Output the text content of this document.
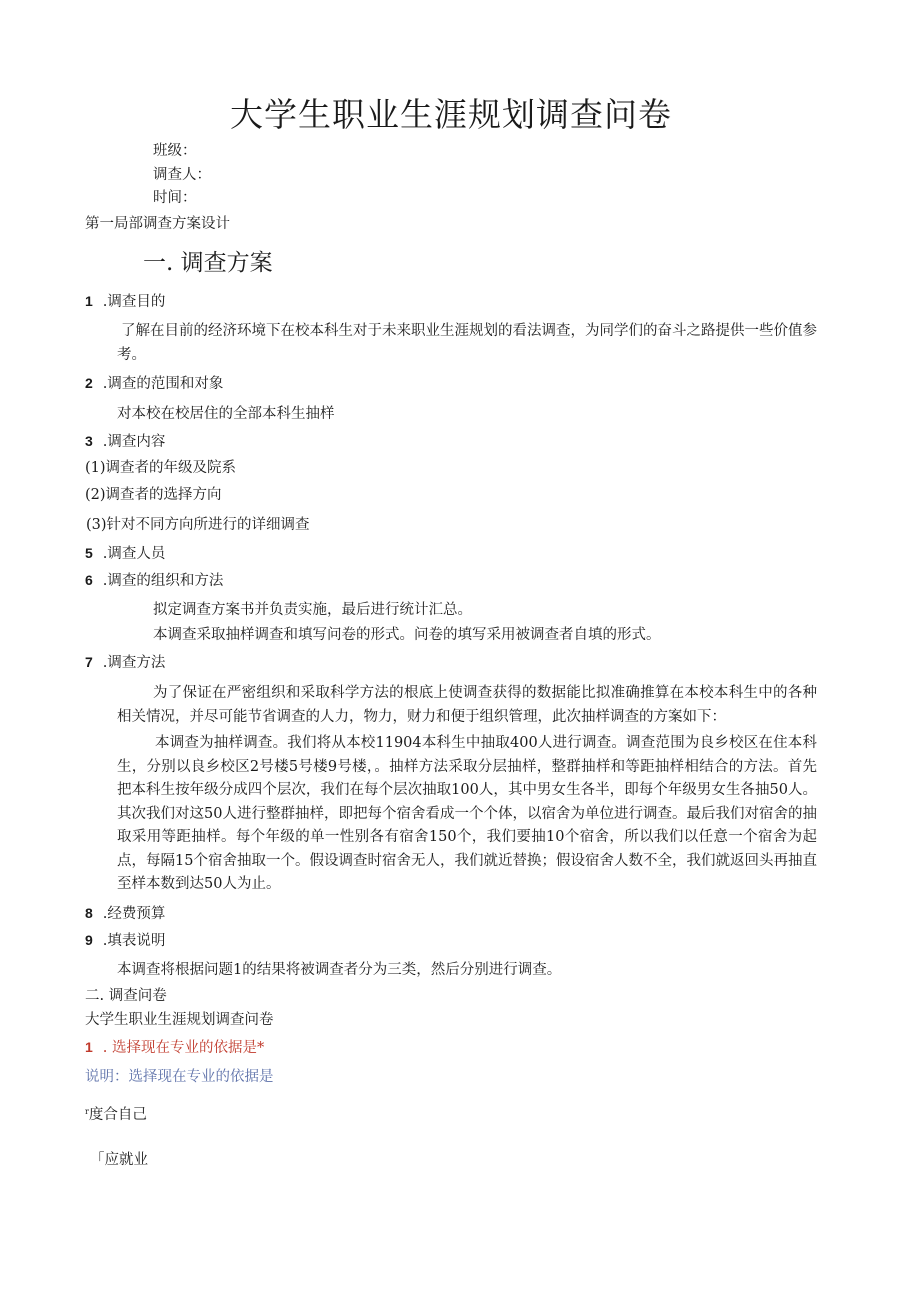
大学生职业生涯规划调查问卷
班级：
调查人：
时间：
第一局部调查方案设计
一. 调查方案
1 .调查目的
了解在目前的经济环境下在校本科生对于未来职业生涯规划的看法调查，为同学们的奋斗之路提供一些价值参考。
2 .调查的范围和对象
对本校在校居住的全部本科生抽样
3 .调查内容
(1)调查者的年级及院系
(2)调查者的选择方向
(3)针对不同方向所进行的详细调查
5 .调查人员
6 .调查的组织和方法
拟定调查方案书并负责实施，最后进行统计汇总。
本调查采取抽样调查和填写问卷的形式。问卷的填写采用被调查者自填的形式。
7 .调查方法
为了保证在严密组织和采取科学方法的根底上使调查获得的数据能比拟准确推算在本校本科生中的各种相关情况，并尽可能节省调查的人力，物力，财力和便于组织管理，此次抽样调查的方案如下：
本调查为抽样调查。我们将从本校11904本科生中抽取400人进行调查。调查范围为良乡校区在住本科生，分别以良乡校区2号楼5号楼9号楼，。抽样方法采取分层抽样，整群抽样和等距抽样相结合的方法。首先把本科生按年级分成四个层次，我们在每个层次抽取100人，其中男女生各半，即每个年级男女生各抽50人。其次我们对这50人进行整群抽样，即把每个宿舍看成一个个体，以宿舍为单位进行调查。最后我们对宿舍的抽取采用等距抽样。每个年级的单一性别各有宿舍150个，我们要抽10个宿舍，所以我们以任意一个宿舍为起点，每隔15个宿舍抽取一个。假设调查时宿舍无人，我们就近替换；假设宿舍人数不全，我们就返回头再抽直至样本数到达50人为止。
8 .经费预算
9 .填表说明
本调查将根据问题1的结果将被调查者分为三类，然后分别进行调查。
二. 调查问卷
大学生职业生涯规划调查问卷
1 . 选择现在专业的依据是*
说明：选择现在专业的依据是
$^r$度合自己
「应就业
